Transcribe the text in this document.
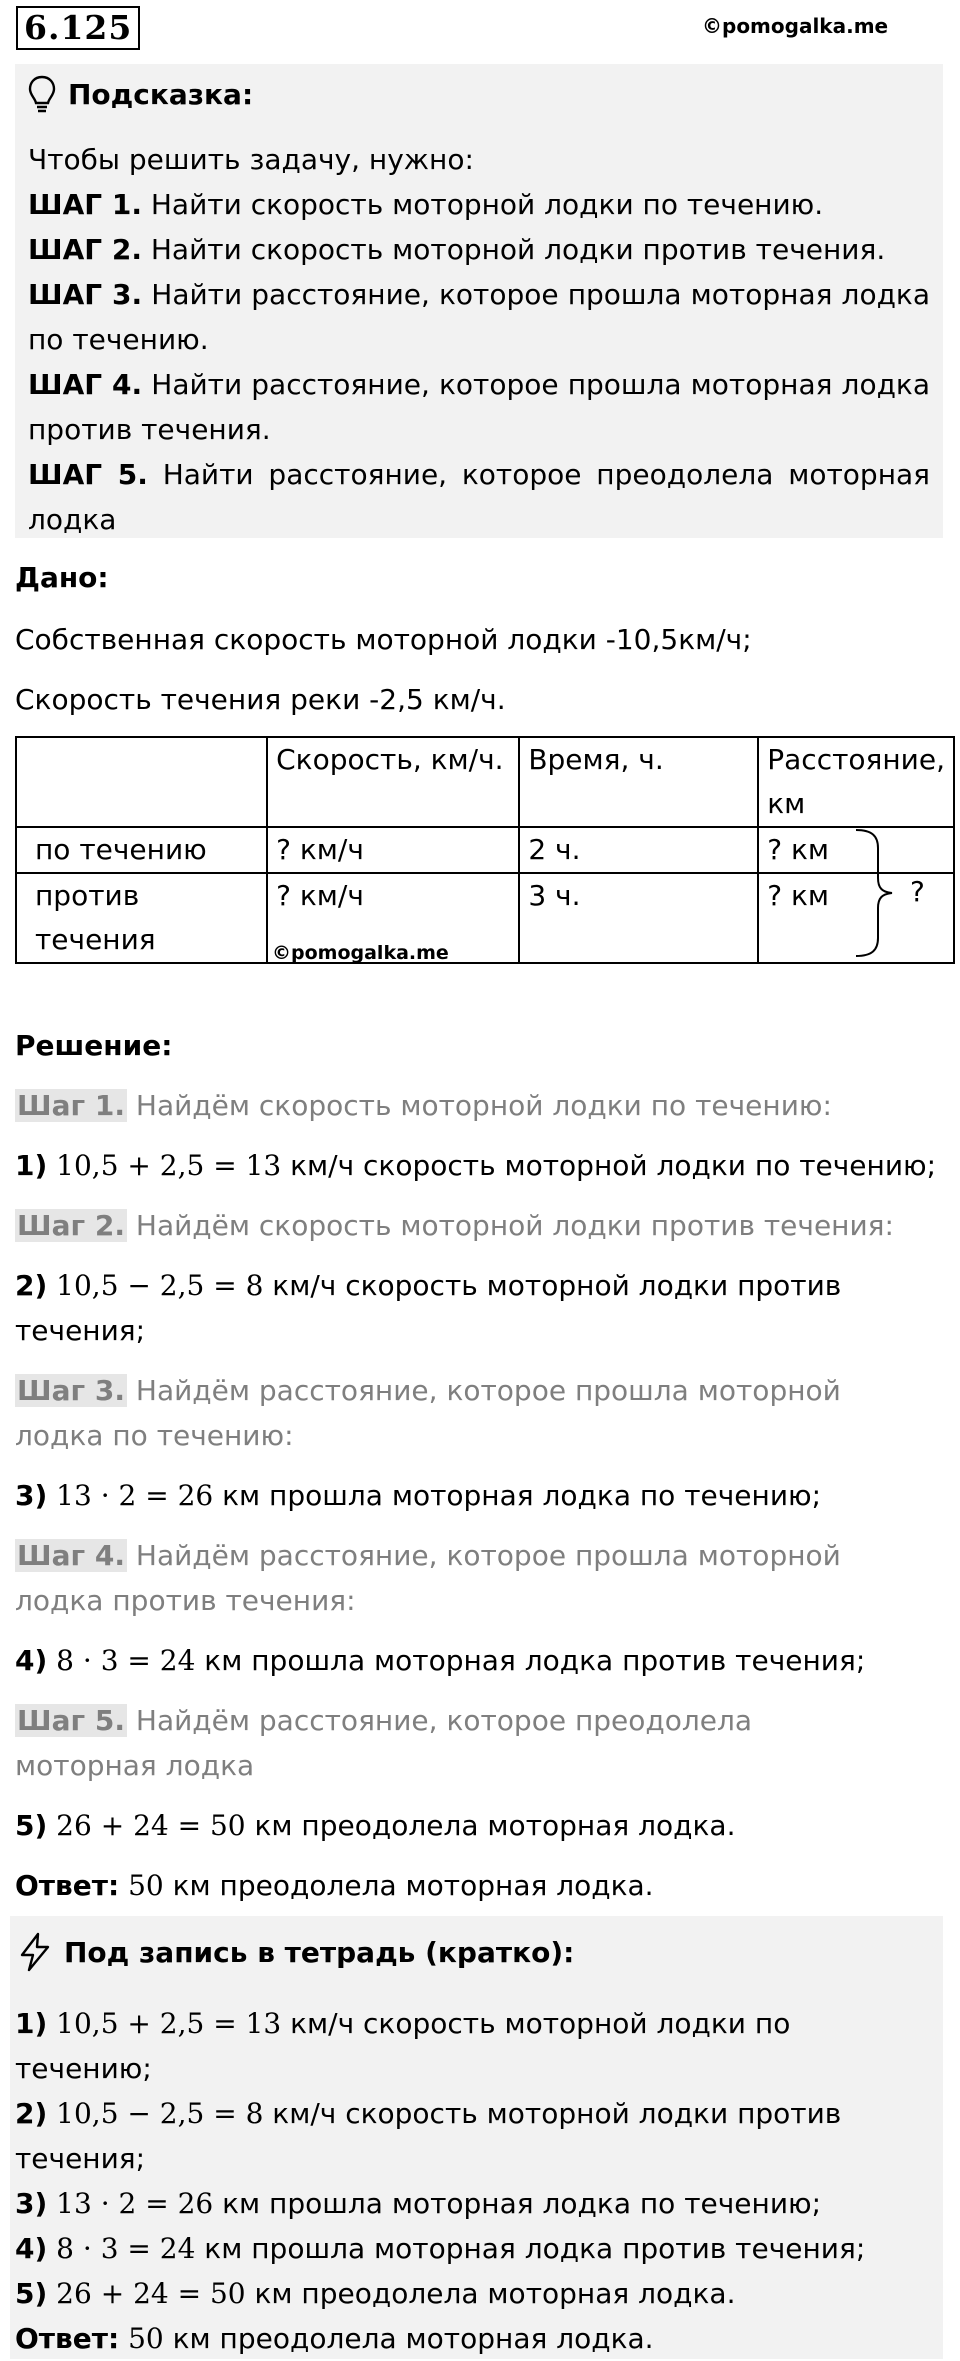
6.125	©pomogalka.me
Подсказка:
Чтобы решить задачу, нужно:
ШАГ 1. Найти скорость моторной лодки по течению.
ШАГ 2. Найти скорость моторной лодки против течения.
ШАГ 3. Найти расстояние, которое прошла моторная лодка по течению.
ШАГ 4. Найти расстояние, которое прошла моторная лодка против течения.
ШАГ 5. Найти расстояние, которое преодолела моторная лодка
Дано:
Собственная скорость моторной лодки -10,5км/ч;
Скорость течения реки -2,5 км/ч.
	Скорость, км/ч.	Время, ч.	Расстояние, км
по течению	? км/ч	2 ч.	? км
против течения	? км/ч	3 ч.	? км	?
©pomogalka.me
Решение:
Шаг 1. Найдём скорость моторной лодки по течению:
1) 10,5 + 2,5 = 13 км/ч скорость моторной лодки по течению;
Шаг 2. Найдём скорость моторной лодки против течения:
2) 10,5 − 2,5 = 8 км/ч скорость моторной лодки против течения;
Шаг 3. Найдём расстояние, которое прошла моторной лодка по течению:
3) 13 · 2 = 26 км прошла моторная лодка по течению;
Шаг 4. Найдём расстояние, которое прошла моторной лодка против течения:
4) 8 · 3 = 24 км прошла моторная лодка против течения;
Шаг 5. Найдём расстояние, которое преодолела моторная лодка
5) 26 + 24 = 50 км преодолела моторная лодка.
Ответ: 50 км преодолела моторная лодка.
Под запись в тетрадь (кратко):
1) 10,5 + 2,5 = 13 км/ч скорость моторной лодки по течению;
2) 10,5 − 2,5 = 8 км/ч скорость моторной лодки против течения;
3) 13 · 2 = 26 км прошла моторная лодка по течению;
4) 8 · 3 = 24 км прошла моторная лодка против течения;
5) 26 + 24 = 50 км преодолела моторная лодка.
Ответ: 50 км преодолела моторная лодка.
